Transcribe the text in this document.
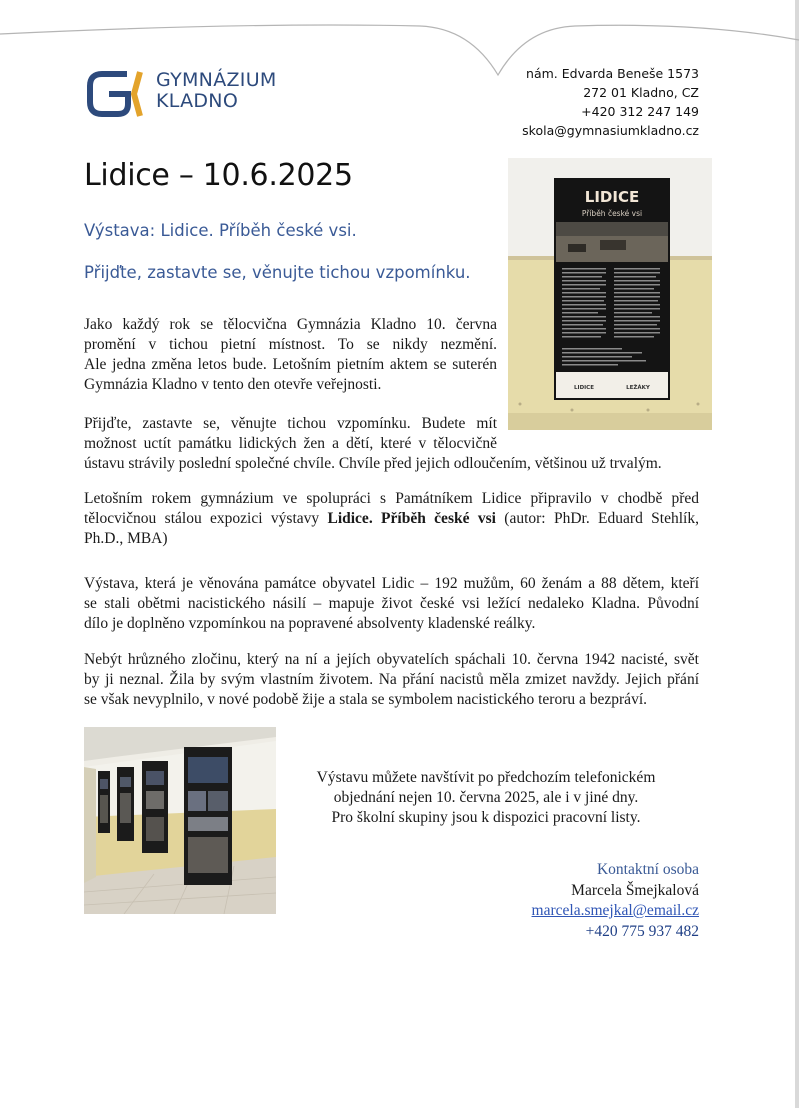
GYMNÁZIUM
KLADNO
nám. Edvarda Beneše 1573
272 01 Kladno, CZ
+420 312 247 149
skola@gymnasiumkladno.cz
Lidice – 10.6.2025
Výstava: Lidice. Příběh české vsi.
Přijďte, zastavte se, věnujte tichou vzpomínku.
LIDICE
Příběh české vsi
LIDICE	LEŽÁKY

Jako každý rok se tělocvična Gymnázia Kladno 10. června
promění v tichou pietní místnost. To se nikdy nezmění.
Ale jedna změna letos bude. Letošním pietním aktem se suterén
Gymnázia Kladno v tento den otevře veřejnosti.

Přijďte, zastavte se, věnujte tichou vzpomínku. Budete mít
možnost uctít památku lidických žen a dětí, které v tělocvičně
ústavu strávily poslední společné chvíle. Chvíle před jejich odloučením, většinou už trvalým.

Letošním rokem gymnázium ve spolupráci s Památníkem Lidice připravilo v chodbě před
tělocvičnou stálou expozici výstavy Lidice. Příběh české vsi (autor: PhDr. Eduard Stehlík,
Ph.D., MBA)

Výstava, která je věnována památce obyvatel Lidic – 192 mužům, 60 ženám a 88 dětem, kteří
se stali obětmi nacistického násilí – mapuje život české vsi ležící nedaleko Kladna. Původní
dílo je doplněno vzpomínkou na popravené absolventy kladenské reálky.

Nebýt hrůzného zločinu, který na ní a jejích obyvatelích spáchali 10. června 1942 nacisté, svět
by ji neznal. Žila by svým vlastním životem. Na přání nacistů měla zmizet navždy. Jejich přání
se však nevyplnilo, v nové podobě žije a stala se symbolem nacistického teroru a bezpráví.

Výstavu můžete navštívit po předchozím telefonickém
objednání nejen 10. června 2025, ale i v jiné dny.
Pro školní skupiny jsou k dispozici pracovní listy.
Kontaktní osoba
Marcela Šmejkalová
marcela.smejkal@email.cz
+420 775 937 482
